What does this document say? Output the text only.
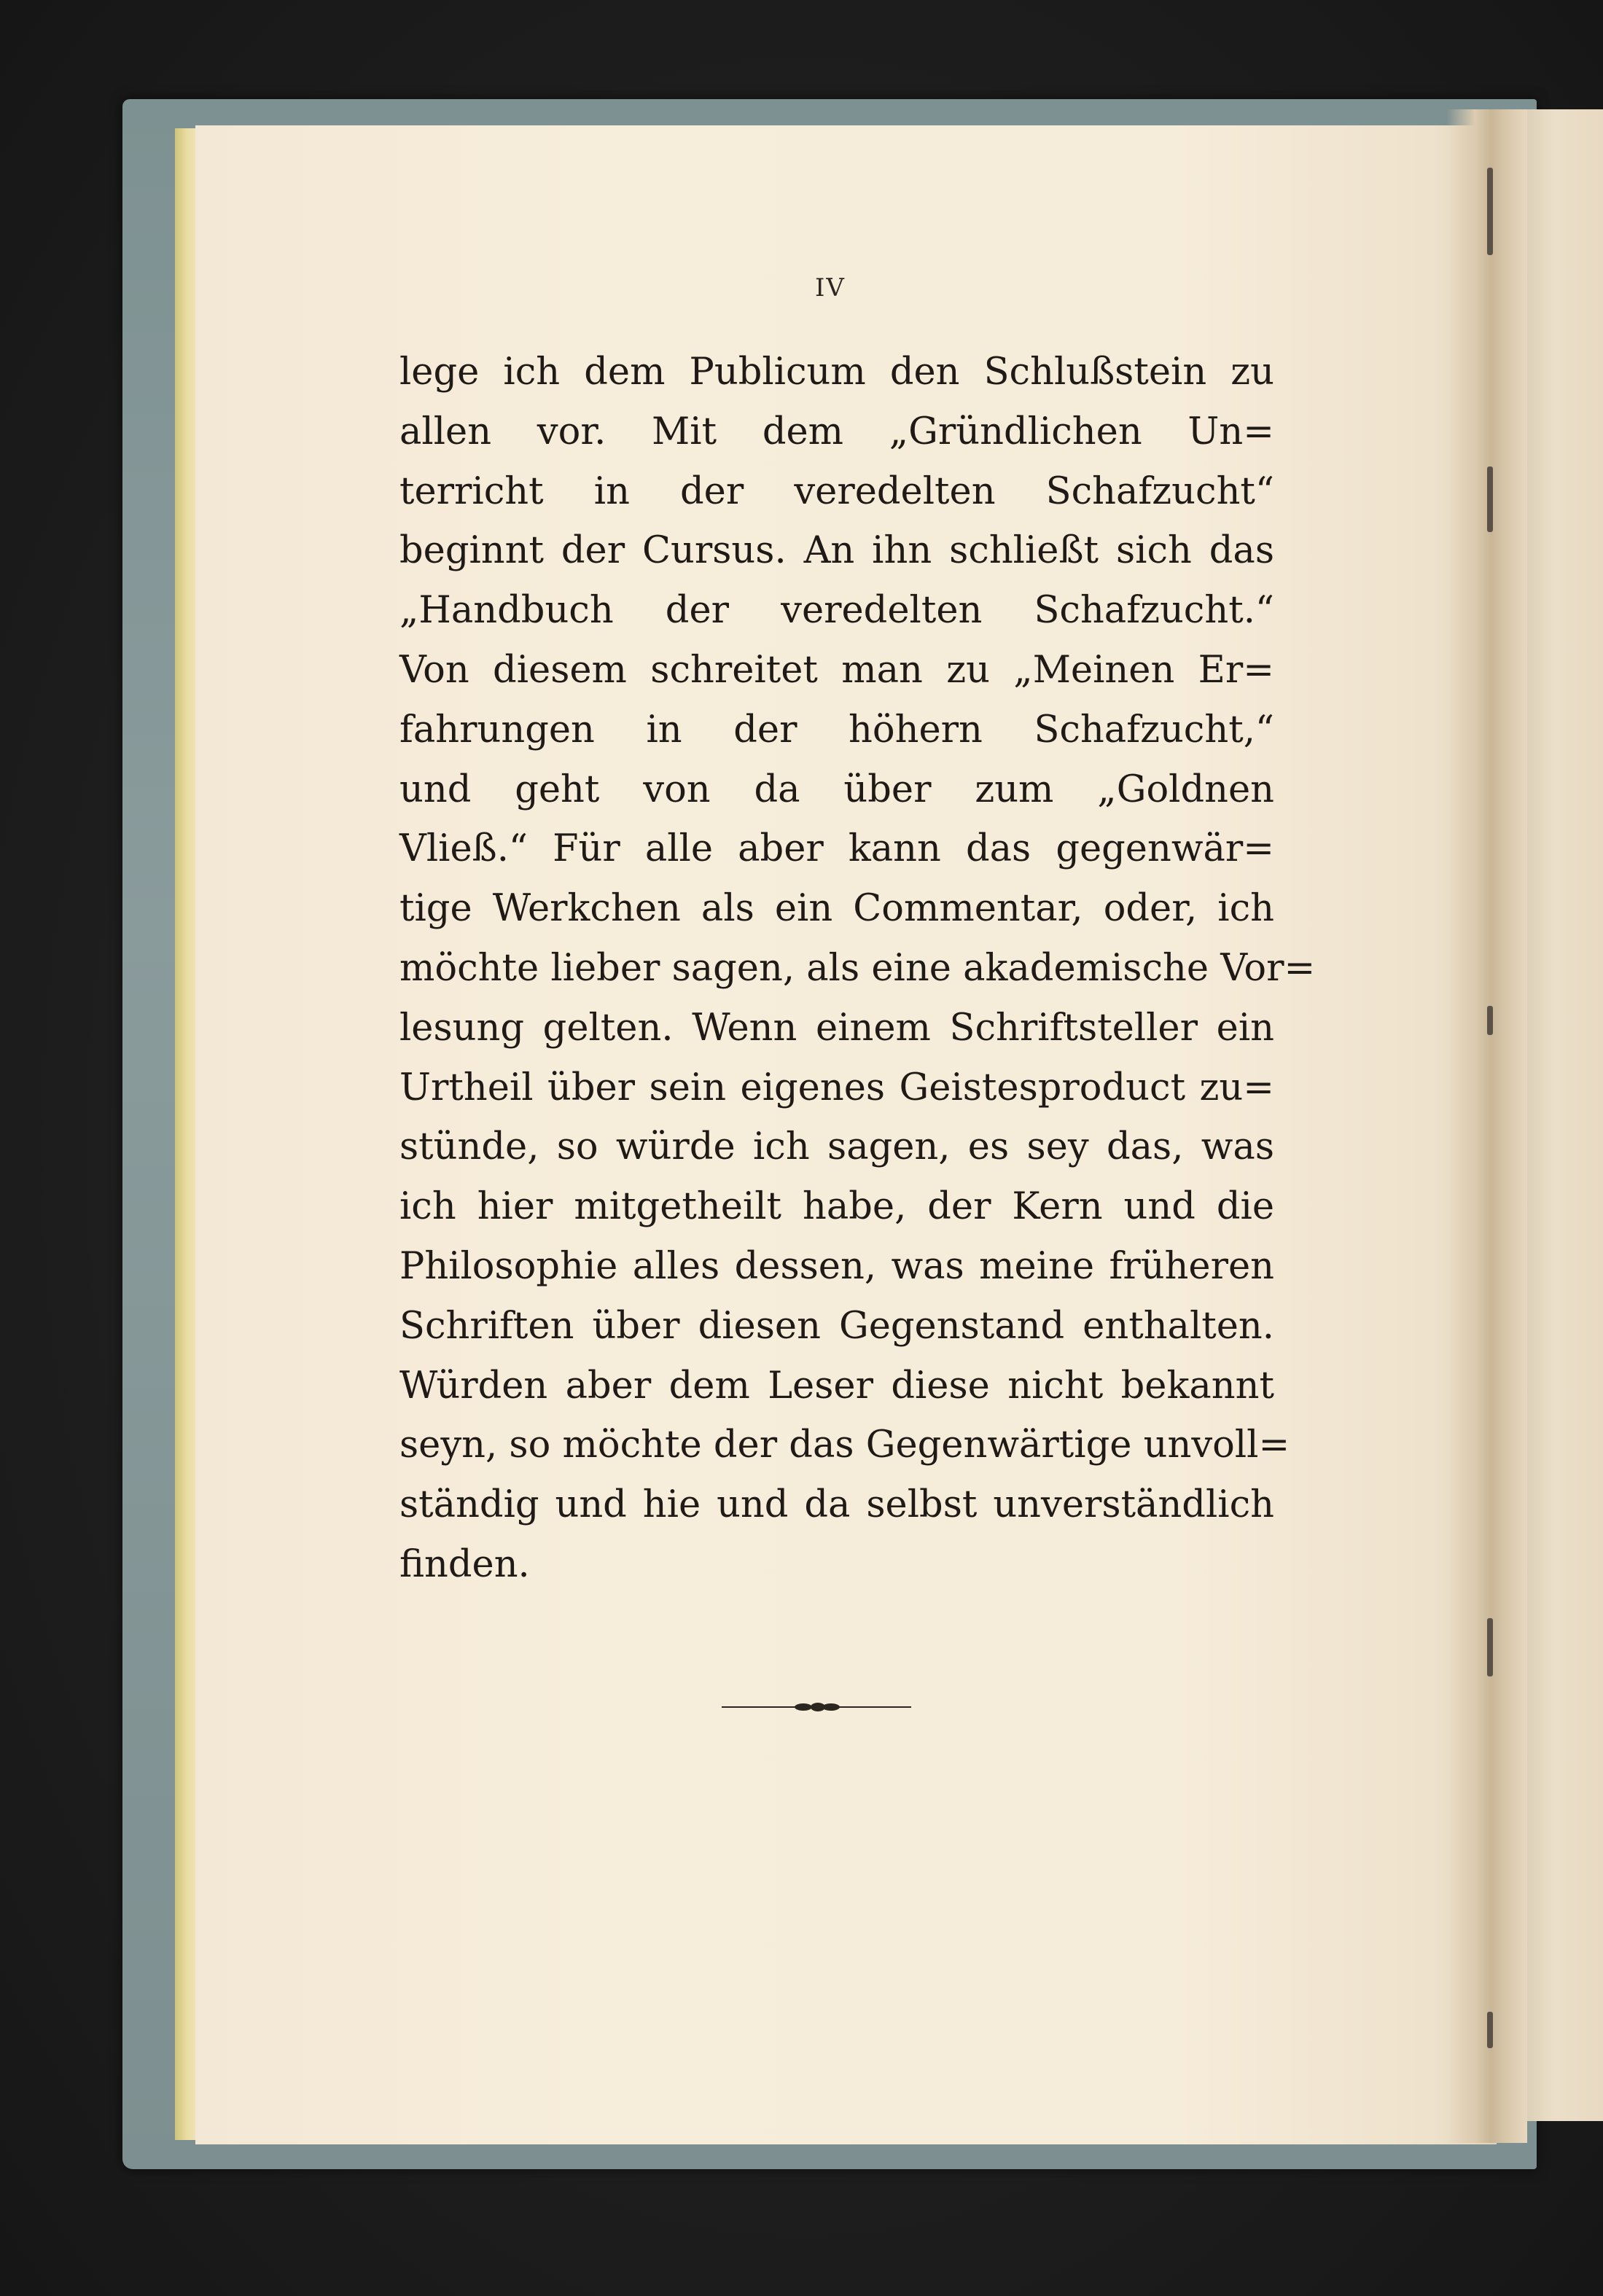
IV
lege ich dem Publicum den Schlußstein zu
allen vor. Mit dem „Gründlichen Un=
terricht in der veredelten Schafzucht“
beginnt der Cursus. An ihn schließt sich das
„Handbuch der veredelten Schafzucht.“
Von diesem schreitet man zu „Meinen Er=
fahrungen in der höhern Schafzucht,“
und geht von da über zum „Goldnen
Vließ.“ Für alle aber kann das gegenwär=
tige Werkchen als ein Commentar, oder, ich
möchte lieber sagen, als eine akademische Vor=
lesung gelten. Wenn einem Schriftsteller ein
Urtheil über sein eigenes Geistesproduct zu=
stünde, so würde ich sagen, es sey das, was
ich hier mitgetheilt habe, der Kern und die
Philosophie alles dessen, was meine früheren
Schriften über diesen Gegenstand enthalten.
Würden aber dem Leser diese nicht bekannt
seyn, so möchte der das Gegenwärtige unvoll=
ständig und hie und da selbst unverständlich
finden.
